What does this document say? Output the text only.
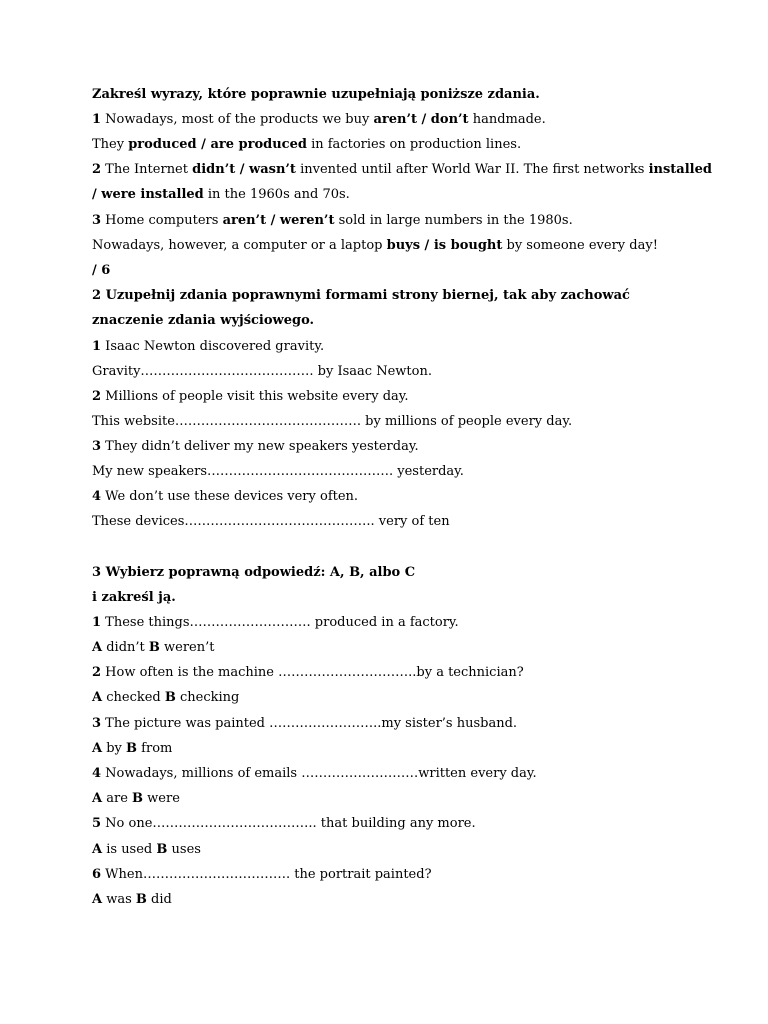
Zakreśl wyrazy, które poprawnie uzupełniają poniższe zdania.
1 Nowadays, most of the products we buy aren’t / don’t handmade.
They produced / are produced in factories on production lines.
2 The Internet didn’t / wasn’t invented until after World War II. The first networks installed
/ were installed in the 1960s and 70s.
3 Home computers aren’t / weren’t sold in large numbers in the 1980s.
Nowadays, however, a computer or a laptop buys / is bought by someone every day!
/ 6
2 Uzupełnij zdania poprawnymi formami strony biernej, tak aby zachować
znaczenie zdania wyjściowego.
1 Isaac Newton discovered gravity.
Gravity…………………………………. by Isaac Newton.
2 Millions of people visit this website every day.
This website……………………………………. by millions of people every day.
3 They didn’t deliver my new speakers yesterday.
My new speakers……………………………………. yesterday.
4 We don’t use these devices very often.
These devices…………………………………….. very of ten
3 Wybierz poprawną odpowiedź: A, B, albo C
i zakreśl ją.
1 These things………………………. produced in a factory.
A didn’t B weren’t
2 How often is the machine …………………………..by a technician?
A checked B checking
3 The picture was painted ……………………..my sister’s husband.
A by B from
4 Nowadays, millions of emails ………………………written every day.
A are B were
5 No one……………………………….. that building any more.
A is used B uses
6 When……………………………. the portrait painted?
A was B did
